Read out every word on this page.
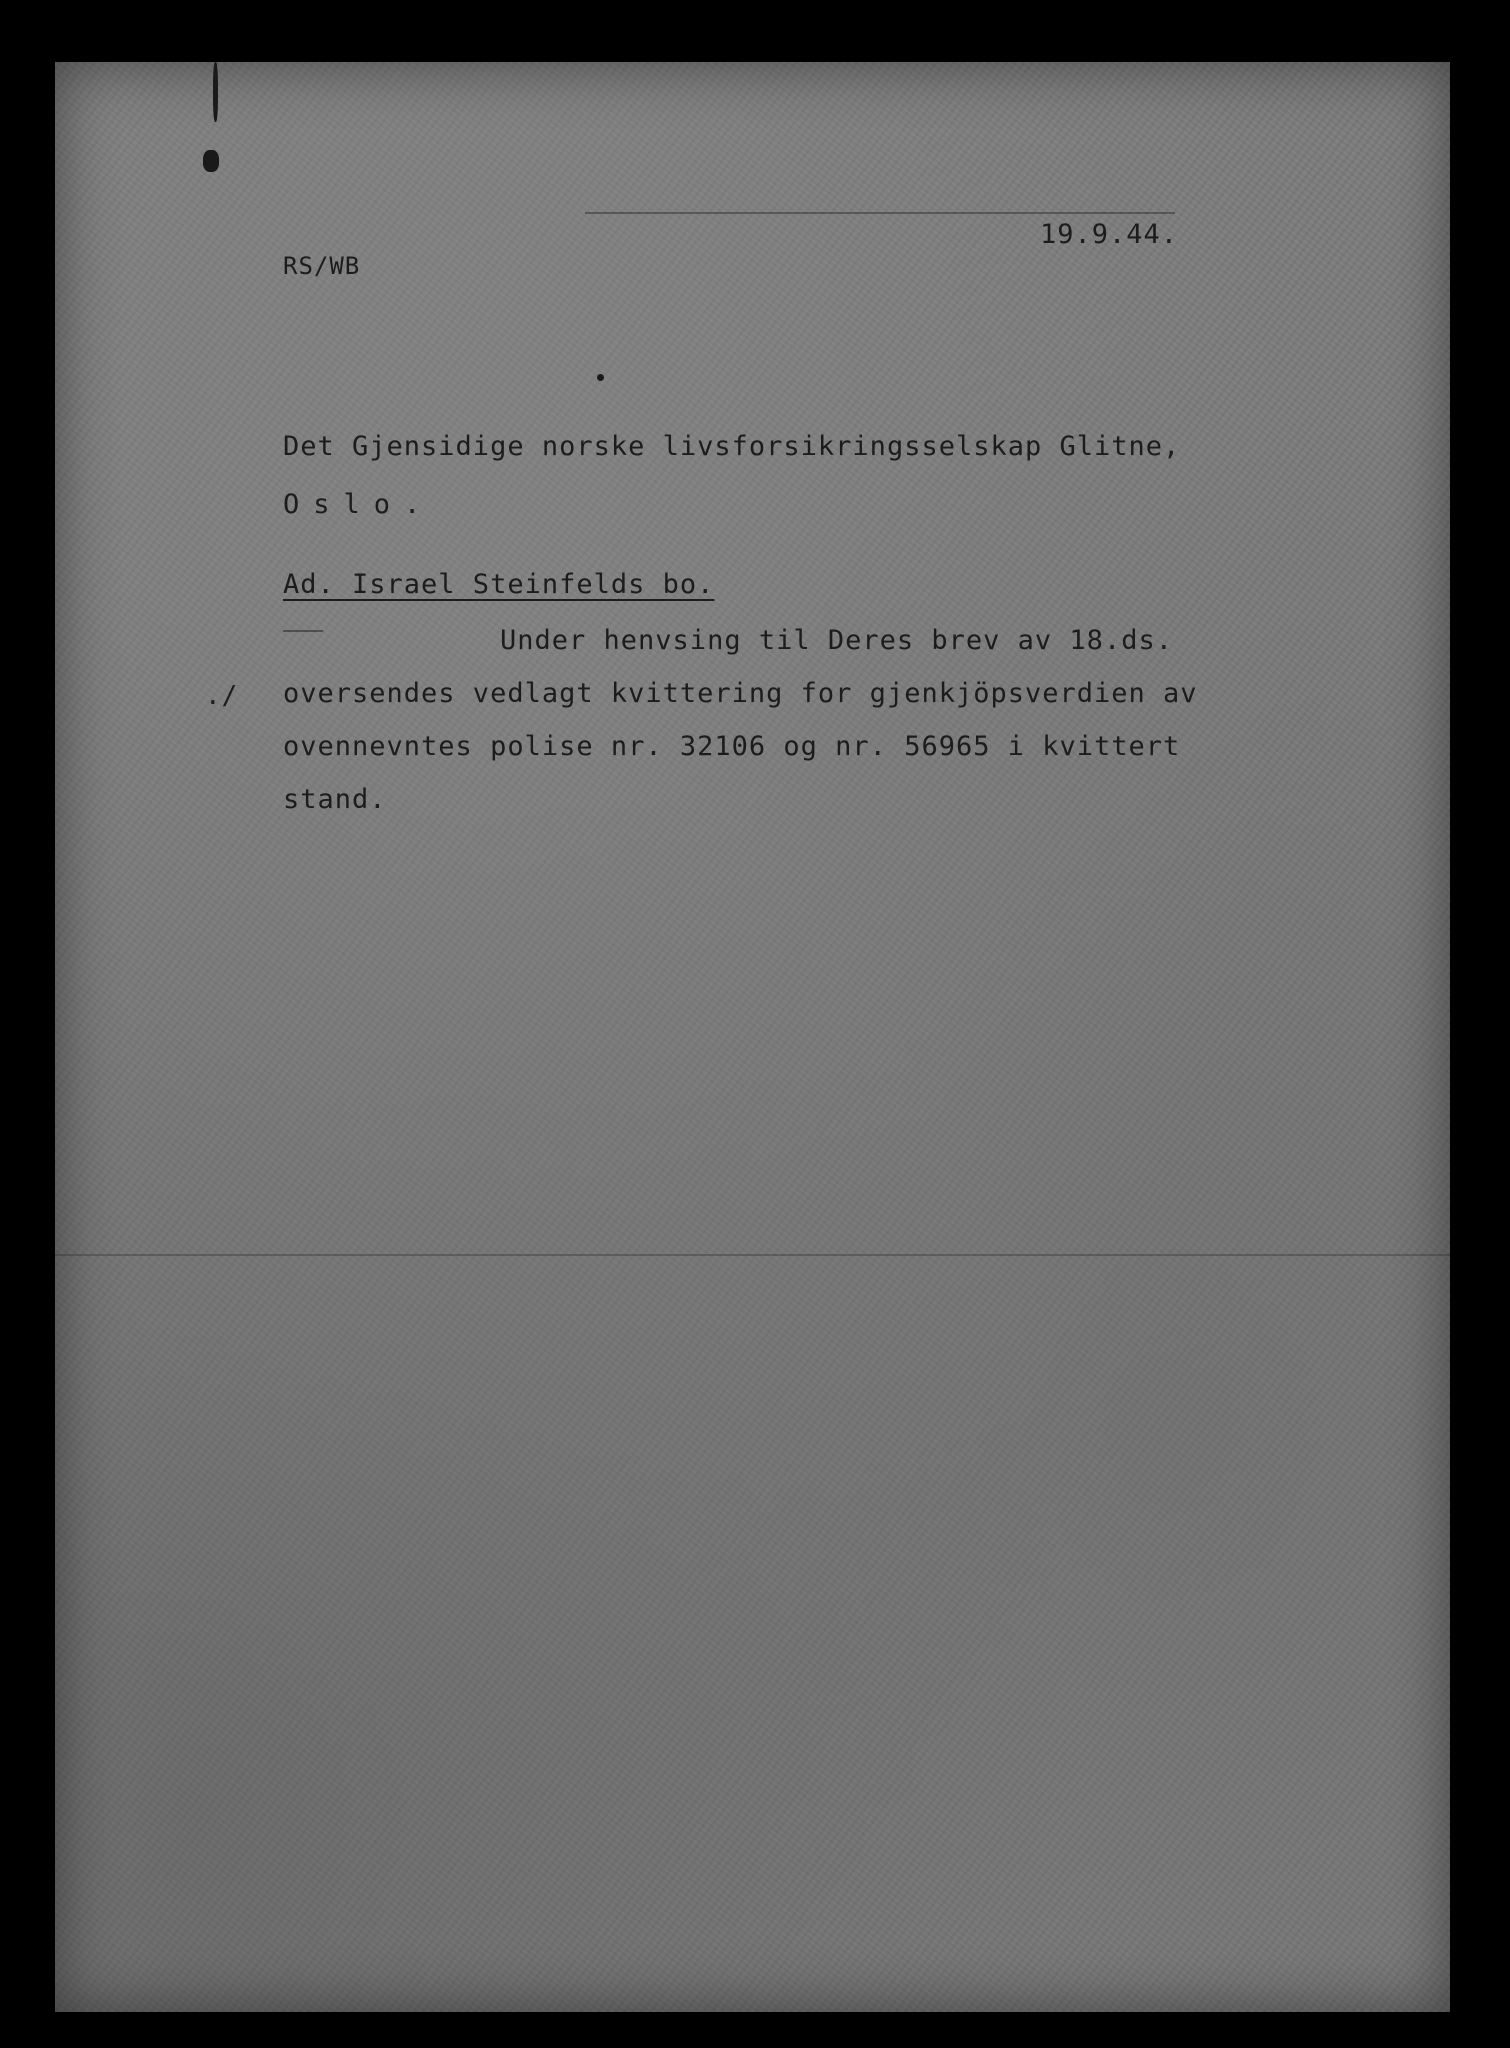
19.9.44.

RS/WB

Det Gjensidige norske livsforsikringsselskap Glitne,

Oslo.

Ad. Israel Steinfelds bo.

Under henvsing til Deres brev av 18.ds.

./ oversendes vedlagt kvittering for gjenkjöpsverdien av

ovennevntes polise nr. 32106 og nr. 56965 i kvittert

stand.
